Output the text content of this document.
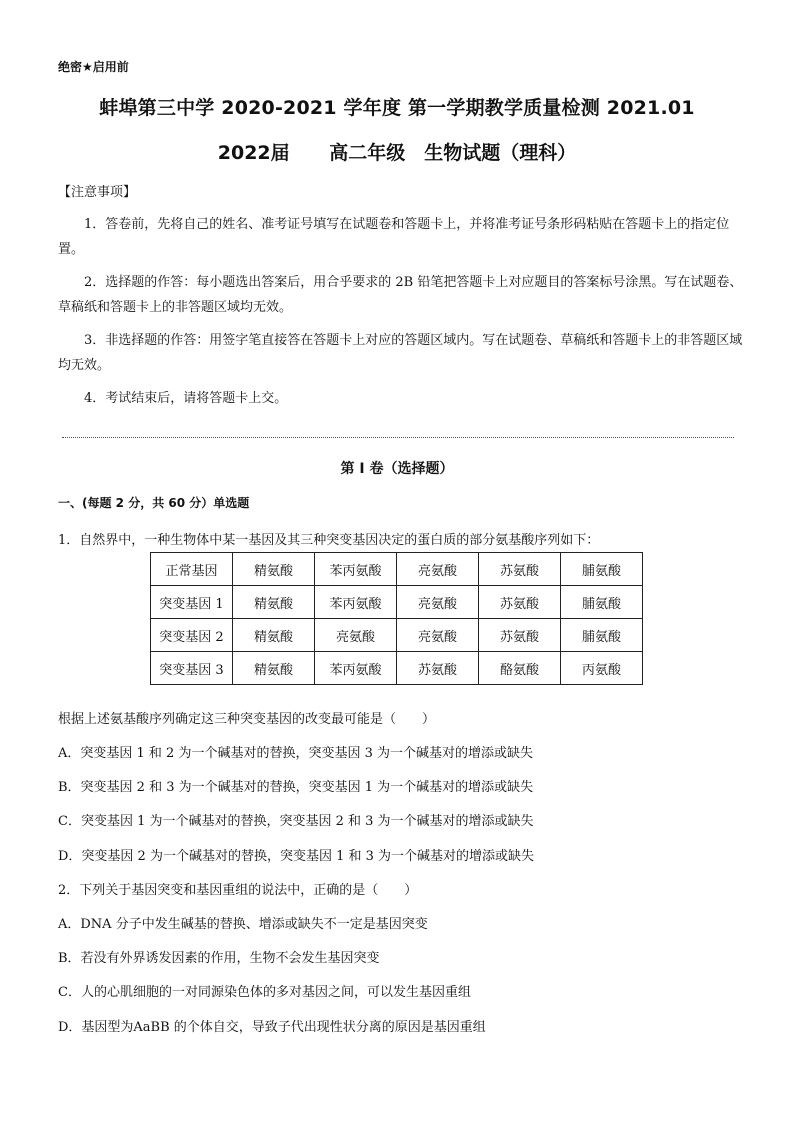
绝密★启用前
蚌埠第三中学 2020-2021 学年度 第一学期教学质量检测 2021.01
2022届　 高二年级　生物试题（理科）
【注意事项】
1．答卷前，先将自己的姓名、准考证号填写在试题卷和答题卡上，并将准考证号条形码粘贴在答题卡上的指定位置。
2．选择题的作答：每小题选出答案后，用合乎要求的 2B 铅笔把答题卡上对应题目的答案标号涂黑。写在试题卷、草稿纸和答题卡上的非答题区域均无效。
3．非选择题的作答：用签字笔直接答在答题卡上对应的答题区域内。写在试题卷、草稿纸和答题卡上的非答题区域均无效。
4．考试结束后，请将答题卡上交。
第 I 卷（选择题）
一、(每题 2 分，共 60 分）单选题
1．自然界中，一种生物体中某一基因及其三种突变基因决定的蛋白质的部分氨基酸序列如下：
正常基因	精氨酸	苯丙氨酸	亮氨酸	苏氨酸	脯氨酸
突变基因 1	精氨酸	苯丙氨酸	亮氨酸	苏氨酸	脯氨酸
突变基因 2	精氨酸	亮氨酸	亮氨酸	苏氨酸	脯氨酸
突变基因 3	精氨酸	苯丙氨酸	苏氨酸	酪氨酸	丙氨酸
根据上述氨基酸序列确定这三种突变基因的改变最可能是（　　）
A．突变基因 1 和 2 为一个碱基对的替换，突变基因 3 为一个碱基对的增添或缺失
B．突变基因 2 和 3 为一个碱基对的替换，突变基因 1 为一个碱基对的增添或缺失
C．突变基因 1 为一个碱基对的替换，突变基因 2 和 3 为一个碱基对的增添或缺失
D．突变基因 2 为一个碱基对的替换，突变基因 1 和 3 为一个碱基对的增添或缺失
2．下列关于基因突变和基因重组的说法中，正确的是（　　）
A．DNA 分子中发生碱基的替换、增添或缺失不一定是基因突变
B．若没有外界诱发因素的作用，生物不会发生基因突变
C．人的心肌细胞的一对同源染色体的多对基因之间，可以发生基因重组
D．基因型为AaBB 的个体自交，导致子代出现性状分离的原因是基因重组
